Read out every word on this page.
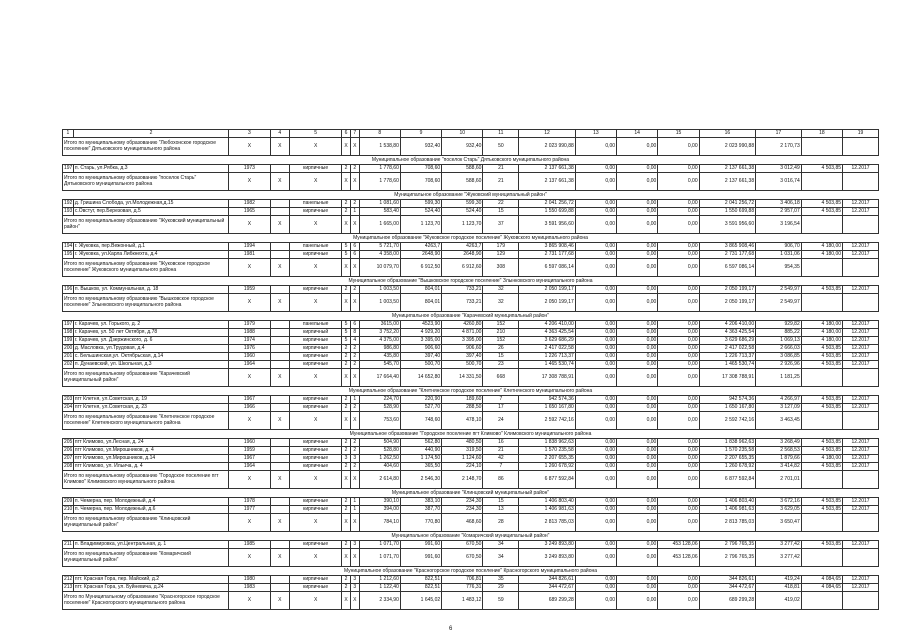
1	2	3	4	5	6	7	8	9	10	11	12	13	14	15	16	17	18	19
Итого по муниципальному образованию "Любохонское городское поселение" Дятьковского муниципального района		X	X	X	X	X	1 538,80	932,40	932,40	50	2 023 990,88	0,00	0,00	0,00	2 023 990,88	2 170,73		
Муниципальное образование "поселок Старь" Дятьковского муниципального района																		
197	п. Старь, ул.Рябка, д.3	1973		кирпичные	2	2	1 778,60	708,60	588,60	21	2 137 661,38	0,00	0,00	0,00	2 137 661,38	3 012,49	4 503,85	12.2017
Итого по муниципальному образованию "поселок Старь" Дятьковского муниципального района		X	X	X	X	X	1 778,60	708,60	588,60	21	2 137 661,38	0,00	0,00	0,00	2 137 661,38	3 016,74		
Муниципальное образование "Жуковский муниципальный район"																		
192	д. Гришина Слобода, ул.Молодежная,д.15	1982		панельные	2	2	1 081,60	599,30	599,30	22	2 041 256,72	0,00	0,00	0,00	2 041 256,72	3 406,18	4 503,85	12.2017
193	с.Овстуг, пер.Березовая, д.5	1965		кирпичные	2	1	583,40	524,40	524,40	15	1 550 699,88	0,00	0,00	0,00	1 550 699,88	2 957,07	4 503,85	12.2017
Итого по муниципальному образованию "Жуковский муниципальный район"		X	X	X	X	X	1 665,00	1 123,70	1 123,70	37	3 591 956,60	0,00	0,00	0,00	3 591 956,60	3 196,54		
Муниципальное образование "Жуковское городское поселение" Жуковского муниципального района																		
194	г. Жуковка, пер.Вежонный, д.1	1994		панельные	5	6	5 721,70	4263,7	4263,7	179	3 865 908,46	0,00	0,00	0,00	3 865 908,46	906,70	4 180,00	12.2017
195	г. Жуковка, ул.Карла Либкнехта, д.4	1981		кирпичные	5	6	4 358,00	2648,90	2648,90	129	2 731 177,68	0,00	0,00	0,00	2 731 177,68	1 031,06	4 180,00	12.2017
Итого по муниципальному образованию "Жуковское городское поселение" Жуковского муниципального района		X	X	X	X	X	10 079,70	6 912,50	6 912,60	308	6 597 086,14	0,00	0,00	0,00	6 597 086,14	954,35		
Муниципальное образование "Вышковское городское поселение" Злынковского муниципального района																		
196	п. Вышков, ул. Коммунальная, д. 18	1959		кирпичные	2	2	1 003,50	804,01	733,21	32	2 050 199,17	0,00	0,00	0,00	2 050 199,17	2 549,97	4 503,85	12.2017
Итого по муниципальному образованию "Вышковское городское поселение" Злынковского муниципального района		X	X	X	X	X	1 003,50	804,01	733,21	32	2 050 199,17	0,00	0,00	0,00	2 050 199,17	2 549,97		
Муниципальное образование "Карачевский муниципальный район"																		
197	г. Карачев, ул. Горького, д. 2	1979		панельные	5	6	3615,00	4523,90	4260,80	152	4 206 410,00	0,00	0,00	0,00	4 206 410,00	929,82	4 180,00	12.2017
198	г. Карачев, ул. 50 лет Октября, д.78	1988		кирпичный	5	8	3 752,20	4 929,20	4 871,00	210	4 363 425,54	0,00	0,00	0,00	4 363 425,54	885,22	4 180,00	12.2017
199	г. Карачев, ул. Дзержинского, д. 6	1974		кирпичные	5	4	4 375,00	3 395,00	3 395,00	152	3 629 686,29	0,00	0,00	0,00	3 629 686,29	1 069,13	4 180,00	12.2017
200	д. Масловка, ул.Трудовая, д.4	1976		кирпичные	2	2	986,80	906,60	906,60	26	2 417 022,58	0,00	0,00	0,00	2 417 022,58	2 666,03	4 503,85	12.2017
201	с. Бельшинская,ул. Октябрьская, д.14	1960		кирпичные	2	2	435,80	397,40	397,40	15	1 226 713,37	0,00	0,00	0,00	1 226 713,37	3 086,85	4 503,85	12.2017
202	п. Дунаевский, ул. Школьная, д.3	1964		кирпичные	2	2	545,70	500,70	500,70	23	1 465 530,74	0,00	0,00	0,00	1 465 530,74	2 926,96	4 503,85	12.2017
Итого по муниципальному образованию "Карачевский муниципальный район"		X	X	X	X	X	17 664,40	14 652,80	14 331,50	668	17 308 788,91	0,00	0,00	0,00	17 308 788,91	1 181,25		
Муниципальное образование "Клетнянское городское поселение" Клетнянского муниципального района																		
203	пгт Клетня, ул.Советская, д. 19	1967		кирпичные	2	1	224,70	220,90	189,60	7	942 574,36	0,00	0,00	0,00	942 574,36	4 266,97	4 503,85	12.2017
204	пгт Клетня, ул.Советская, д. 23	1966		кирпичные	2	2	528,90	527,70	288,50	17	1 650 167,80	0,00	0,00	0,00	1 650 167,80	3 127,09	4 503,85	12.2017
Итого по муниципальному образованию "Клетнянское городское поселение" Клетнянского муниципального района		X	X	X	X	X	753,60	748,60	478,10	24	2 592 742,16	0,00	0,00	0,00	2 592 742,16	3 463,45		
Муниципальное образование "Городское поселение пгт Климово" Климовского муниципального района																		
205	пгт Климово, ул.Лесная, д. 24	1960		кирпичные	2	2	504,90	562,80	480,50	16	1 838 962,63	0,00	0,00	0,00	1 838 962,63	3 268,49	4 503,85	12.2017
206	пгт Климово, ул.Мирошников, д. 4	1959		кирпичные	2	2	528,80	440,90	319,50	21	1 570 235,58	0,00	0,00	0,00	1 570 235,58	2 568,53	4 503,85	12.2017
207	пгт Климово, ул.Мирошников, д.14	1967		кирпичные	3	3	1 262,50	1 174,50	1 124,60	42	2 207 655,35	0,00	0,00	0,00	2 207 655,35	1 879,66	4 180,00	12.2017
208	пгт Климово, ул. Ильича, д. 4	1964		кирпичные	2	2	404,60	365,50	224,10	7	1 260 678,92	0,00	0,00	0,00	1 260 678,92	3 414,82	4 503,85	12.2017
Итого по муниципальному образованию "Городское поселение пгт Климово" Климовского муниципального района		X	X	X	X	X	2 614,80	2 546,30	2 148,70	86	6 877 592,84	0,00	0,00	0,00	6 877 592,84	2 701,01		
Муниципальное образование "Клинцовский муниципальный район"																		
209	п. Чемерна, пер. Молодежный, д.4	1978		кирпичные	2	1	390,10	383,10	234,30	15	1 406 803,40	0,00	0,00	0,00	1 406 803,40	3 672,16	4 503,85	12.2017
210	п. Чемерна, пер. Молодежный, д.6	1977		кирпичные	2	1	394,00	387,70	234,30	13	1 406 981,63	0,00	0,00	0,00	1 406 981,63	3 629,05	4 503,85	12.2017
Итого по муниципальному образованию "Клинцовский муниципальный район"		X	X	X	X	X	784,10	770,80	468,60	28	2 813 785,03	0,00	0,00	0,00	2 813 785,03	3 650,47		
Муниципальное образование "Комаричский муниципальный район"																		
211	п. Владимировка, ул.Центральная, д. 1	1985		кирпичные	2	3	1 071,70	991,60	670,50	34	3 249 893,80	0,00	0,00	453 128,06	2 796 765,35	3 277,42	4 503,85	12.2017
Итого по муниципальному образованию "Комаричский муниципальный район"		X	X	X	X	X	1 071,70	991,60	670,50	34	3 249 893,80	0,00	0,00	453 128,06	2 796 765,35	3 277,42		
Муниципальное образование "Красногорское городское поселение" Красногорского муниципального района																		
212	пгт. Красная Гора, пер. Майский, д.2	1980		кирпичные	2	3	1 212,60	822,51	706,81	35	344 826,61	0,00	0,00	0,00	344 826,61	419,24	4 084,65	12.2017
213	пгт. Красная Гора, ул. Буйневича, д.24	1983		кирпичные	2	3	1 122,40	822,51	776,31	29	344 472,67	0,00	0,00	0,00	344 472,67	418,81	4 084,65	12.2017
Итого по Муниципальному образованию "Красногорское городское поселение" Красногорского муниципального района		X	X	X	X	X	2 334,90	1 645,02	1 483,12	59	689 299,28	0,00	0,00	0,00	689 299,28	419,02		
6
